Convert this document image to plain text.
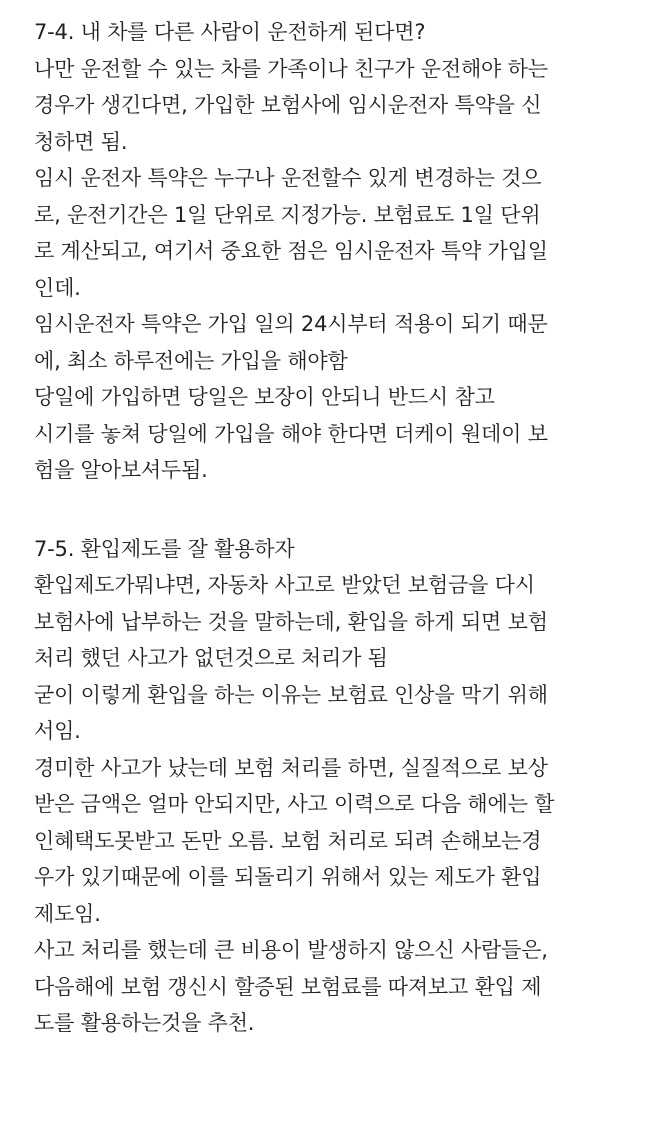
7-4. 내 차를 다른 사람이 운전하게 된다면?
나만 운전할 수 있는 차를 가족이나 친구가 운전해야 하는
경우가 생긴다면, 가입한 보험사에 임시운전자 특약을 신
청하면 됨.
임시 운전자 특약은 누구나 운전할수 있게 변경하는 것으
로, 운전기간은 1일 단위로 지정가능. 보험료도 1일 단위
로 계산되고, 여기서 중요한 점은 임시운전자 특약 가입일
인데.
임시운전자 특약은 가입 일의 24시부터 적용이 되기 때문
에, 최소 하루전에는 가입을 해야함
당일에 가입하면 당일은 보장이 안되니 반드시 참고
시기를 놓쳐 당일에 가입을 해야 한다면 더케이 원데이 보
험을 알아보셔두됨.
7-5. 환입제도를 잘 활용하자
환입제도가뭐냐면, 자동차 사고로 받았던 보험금을 다시
보험사에 납부하는 것을 말하는데, 환입을 하게 되면 보험
처리 했던 사고가 없던것으로 처리가 됨
굳이 이렇게 환입을 하는 이유는 보험료 인상을 막기 위해
서임.
경미한 사고가 났는데 보험 처리를 하면, 실질적으로 보상
받은 금액은 얼마 안되지만, 사고 이력으로 다음 해에는 할
인혜택도못받고 돈만 오름. 보험 처리로 되려 손해보는경
우가 있기때문에 이를 되돌리기 위해서 있는 제도가 환입
제도임.
사고 처리를 했는데 큰 비용이 발생하지 않으신 사람들은,
다음해에 보험 갱신시 할증된 보험료를 따져보고 환입 제
도를 활용하는것을 추천.
